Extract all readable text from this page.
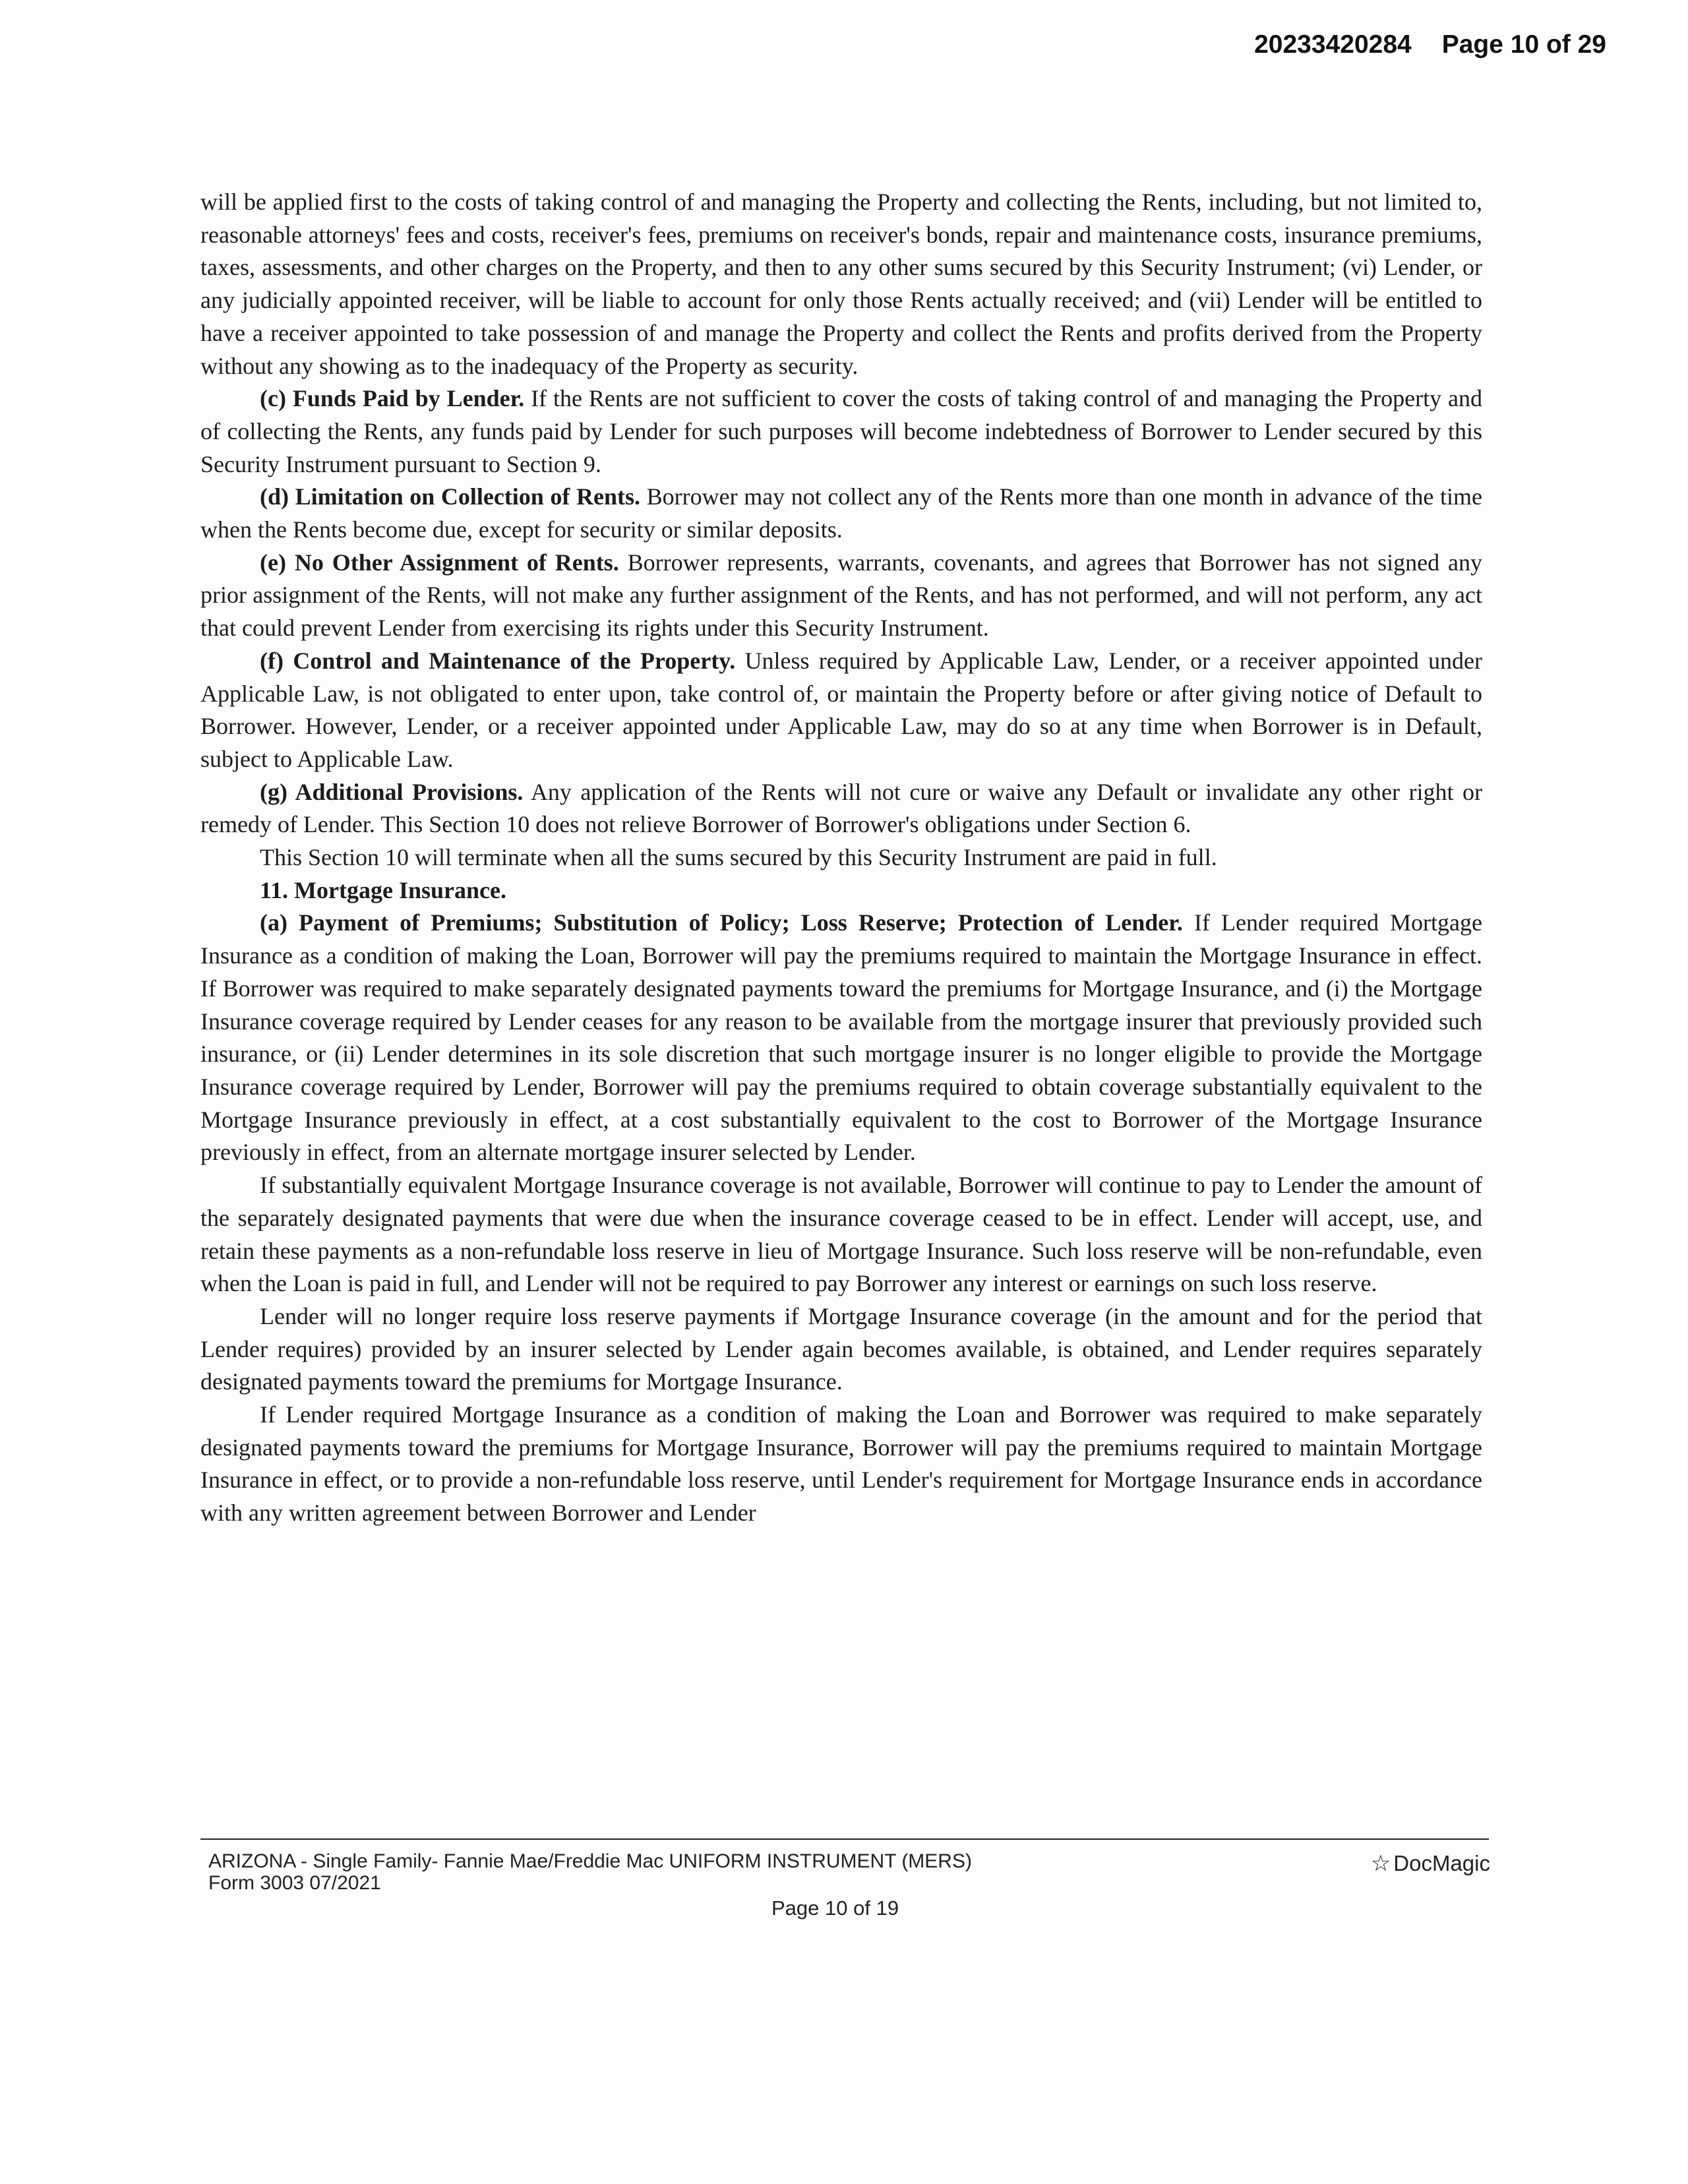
20233420284 Page 10 of 29

will be applied first to the costs of taking control of and managing the Property and collecting the Rents, including, but not limited to, reasonable attorneys' fees and costs, receiver's fees, premiums on receiver's bonds, repair and maintenance costs, insurance premiums, taxes, assessments, and other charges on the Property, and then to any other sums secured by this Security Instrument; (vi) Lender, or any judicially appointed receiver, will be liable to account for only those Rents actually received; and (vii) Lender will be entitled to have a receiver appointed to take possession of and manage the Property and collect the Rents and profits derived from the Property without any showing as to the inadequacy of the Property as security.

(c) Funds Paid by Lender. If the Rents are not sufficient to cover the costs of taking control of and managing the Property and of collecting the Rents, any funds paid by Lender for such purposes will become indebtedness of Borrower to Lender secured by this Security Instrument pursuant to Section 9.

(d) Limitation on Collection of Rents. Borrower may not collect any of the Rents more than one month in advance of the time when the Rents become due, except for security or similar deposits.

(e) No Other Assignment of Rents. Borrower represents, warrants, covenants, and agrees that Borrower has not signed any prior assignment of the Rents, will not make any further assignment of the Rents, and has not performed, and will not perform, any act that could prevent Lender from exercising its rights under this Security Instrument.

(f) Control and Maintenance of the Property. Unless required by Applicable Law, Lender, or a receiver appointed under Applicable Law, is not obligated to enter upon, take control of, or maintain the Property before or after giving notice of Default to Borrower. However, Lender, or a receiver appointed under Applicable Law, may do so at any time when Borrower is in Default, subject to Applicable Law.

(g) Additional Provisions. Any application of the Rents will not cure or waive any Default or invalidate any other right or remedy of Lender. This Section 10 does not relieve Borrower of Borrower's obligations under Section 6.

This Section 10 will terminate when all the sums secured by this Security Instrument are paid in full.

11. Mortgage Insurance.

(a) Payment of Premiums; Substitution of Policy; Loss Reserve; Protection of Lender. If Lender required Mortgage Insurance as a condition of making the Loan, Borrower will pay the premiums required to maintain the Mortgage Insurance in effect. If Borrower was required to make separately designated payments toward the premiums for Mortgage Insurance, and (i) the Mortgage Insurance coverage required by Lender ceases for any reason to be available from the mortgage insurer that previously provided such insurance, or (ii) Lender determines in its sole discretion that such mortgage insurer is no longer eligible to provide the Mortgage Insurance coverage required by Lender, Borrower will pay the premiums required to obtain coverage substantially equivalent to the Mortgage Insurance previously in effect, at a cost substantially equivalent to the cost to Borrower of the Mortgage Insurance previously in effect, from an alternate mortgage insurer selected by Lender.

If substantially equivalent Mortgage Insurance coverage is not available, Borrower will continue to pay to Lender the amount of the separately designated payments that were due when the insurance coverage ceased to be in effect. Lender will accept, use, and retain these payments as a non-refundable loss reserve in lieu of Mortgage Insurance. Such loss reserve will be non-refundable, even when the Loan is paid in full, and Lender will not be required to pay Borrower any interest or earnings on such loss reserve.

Lender will no longer require loss reserve payments if Mortgage Insurance coverage (in the amount and for the period that Lender requires) provided by an insurer selected by Lender again becomes available, is obtained, and Lender requires separately designated payments toward the premiums for Mortgage Insurance.

If Lender required Mortgage Insurance as a condition of making the Loan and Borrower was required to make separately designated payments toward the premiums for Mortgage Insurance, Borrower will pay the premiums required to maintain Mortgage Insurance in effect, or to provide a non-refundable loss reserve, until Lender's requirement for Mortgage Insurance ends in accordance with any written agreement between Borrower and Lender

ARIZONA - Single Family- Fannie Mae/Freddie Mac UNIFORM INSTRUMENT (MERS)
Form 3003 07/2021
☆ DocMagic
Page 10 of 19
